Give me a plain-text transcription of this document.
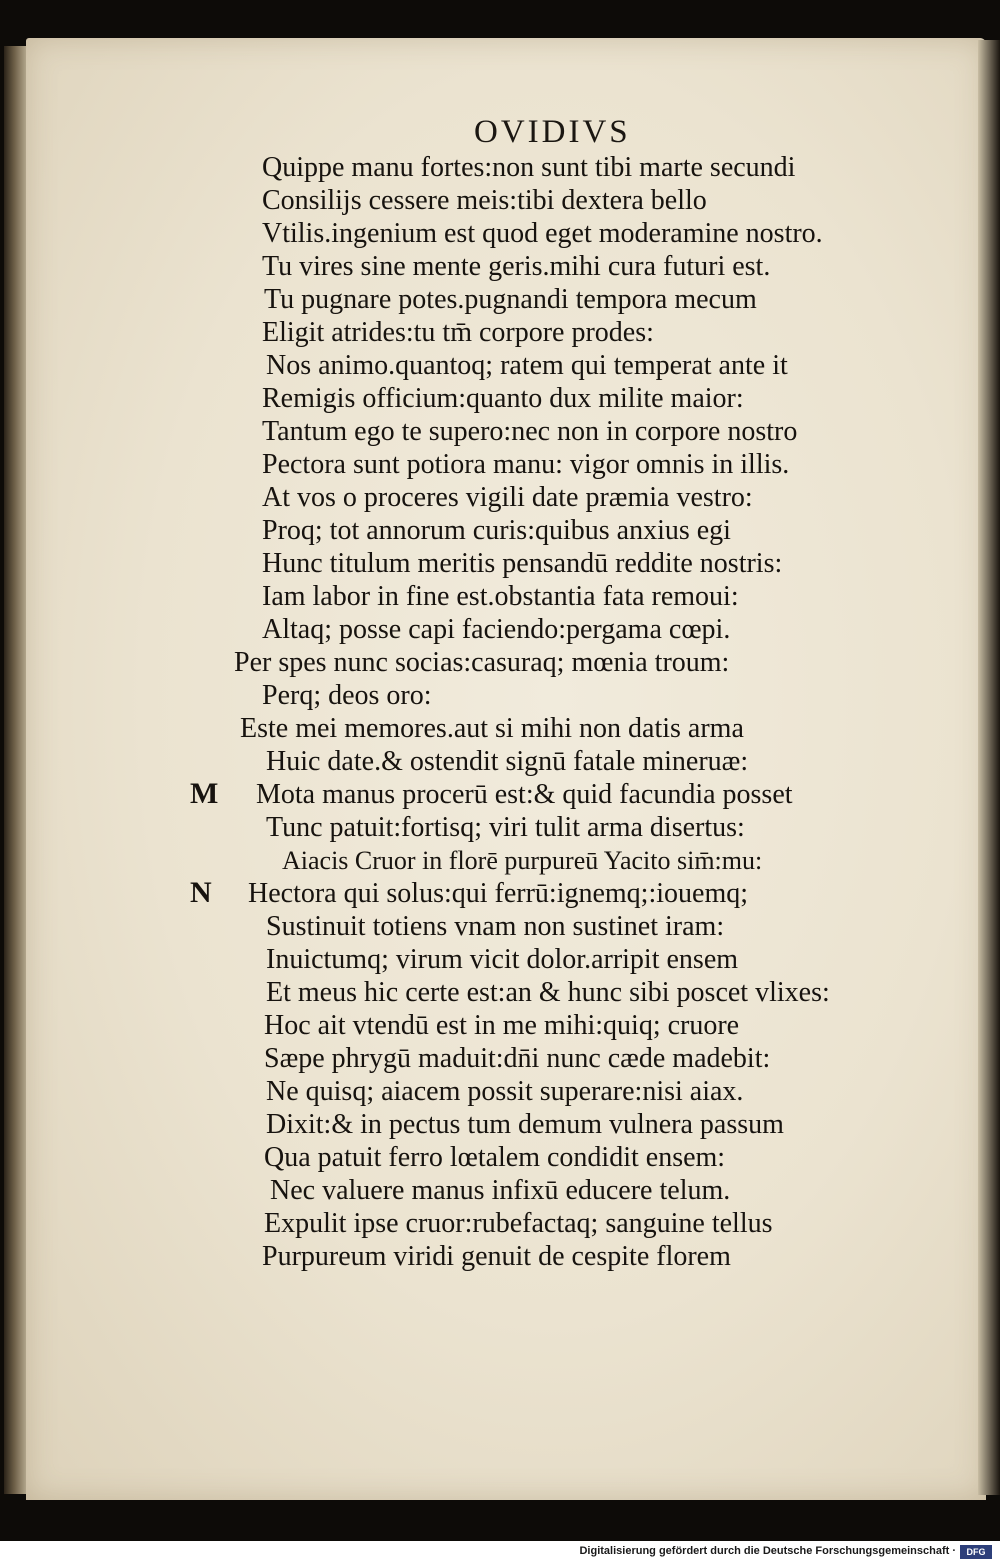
OVIDIVS
Quippe manu fortes:non sunt tibi marte secundi
Consilijs cessere meis:tibi dextera bello
Vtilis.ingenium est quod eget moderamine nostro.
Tu vires sine mente geris.mihi cura futuri est.
Tu pugnare potes.pugnandi tempora mecum
Eligit atrides:tu tm̄ corpore prodes:
Nos animo.quantoq; ratem qui temperat ante it
Remigis officium:quanto dux milite maior:
Tantum ego te supero:nec non in corpore nostro
Pectora sunt potiora manu: vigor omnis in illis.
At vos o proceres vigili date præmia vestro:
Proq; tot annorum curis:quibus anxius egi
Hunc titulum meritis pensandū reddite nostris:
Iam labor in fine est.obstantia fata remoui:
Altaq; posse capi faciendo:pergama cœpi.
Per spes nunc socias:casuraq; mœnia troum:
Perq; deos oro:
Este mei memores.aut si mihi non datis arma
Huic date.& ostendit signū fatale mineruæ:
Mota manus procerū est:& quid facundia posset
Tunc patuit:fortisq; viri tulit arma disertus:
Aiacis Cruor in florē purpureū Yacito sim̄:mu:
Hectora qui solus:qui ferrū:ignemq;:iouemq;
Sustinuit totiens vnam non sustinet iram:
Inuictumq; virum vicit dolor.arripit ensem
Et meus hic certe est:an & hunc sibi poscet vlixes:
Hoc ait vtendū est in me mihi:quiq; cruore
Sæpe phrygū maduit:dn̄i nunc cæde madebit:
Ne quisq; aiacem possit superare:nisi aiax.
Dixit:& in pectus tum demum vulnera passum
Qua patuit ferro lœtalem condidit ensem:
Nec valuere manus infixū educere telum.
Expulit ipse cruor:rubefactaq; sanguine tellus
Purpureum viridi genuit de cespite florem
M
N
Digitalisierung gefördert durch die Deutsche Forschungsgemeinschaft ·	DFG
